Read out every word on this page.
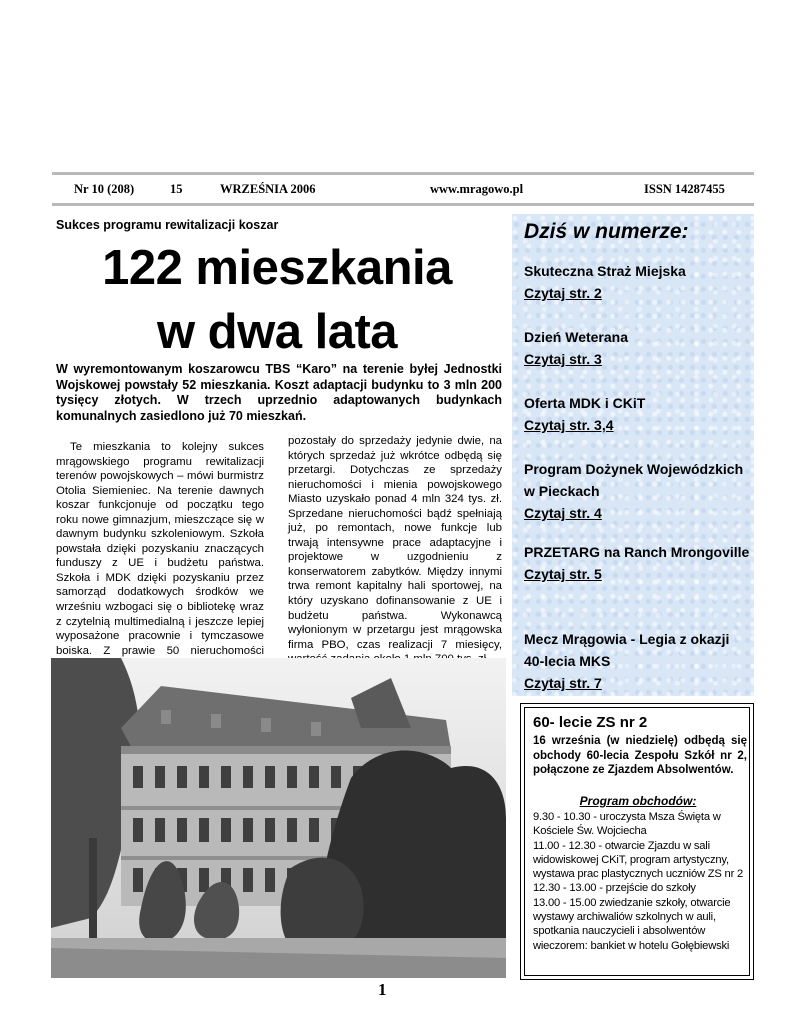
Nr 10 (208)	15	WRZEŚNIA 2006	www.mragowo.pl	ISSN 14287455
Sukces programu rewitalizacji koszar
122 mieszkania
w dwa lata
W wyremontowanym koszarowcu TBS “Karo” na terenie byłej Jednostki Wojskowej powstały 52 mieszkania. Koszt adaptacji budynku to 3 mln 200 tysięcy złotych. W trzech uprzednio adaptowanych budynkach komunalnych zasiedlono już 70 mieszkań.
Te mieszkania to kolejny sukces mrągowskiego programu rewitalizacji terenów powojskowych – mówi burmistrz Otolia Siemieniec. Na terenie dawnych koszar funkcjonuje od początku tego roku nowe gimnazjum, mieszczące się w dawnym budynku szkoleniowym. Szkoła powstała dzięki pozyskaniu znaczących funduszy z UE i budżetu państwa. Szkoła i MDK dzięki pozyskaniu przez samorząd dodatkowych środków we wrześniu wzbogaci się o bibliotekę wraz z czytelnią multimedialną i jeszcze lepiej wyposażone pracownie i tymczasowe boiska. Z prawie 50 nieruchomości
pozostały do sprzedaży jedynie dwie, na których sprzedaż już wkrótce odbędą się przetargi. Dotychczas ze sprzedaży nieruchomości i mienia powojskowego Miasto uzyskało ponad 4 mln 324 tys. zł. Sprzedane nieruchomości bądź spełniają już, po remontach, nowe funkcje lub trwają intensywne prace adaptacyjne i projektowe w uzgodnieniu z konserwatorem zabytków. Między innymi trwa remont kapitalny hali sportowej, na który uzyskano dofinansowanie z UE i budżetu państwa. Wykonawcą wyłonionym w przetargu jest mrągowska firma PBO, czas realizacji 7 miesięcy,
Dziś w numerze:
Skuteczna Straż Miejska
Czytaj str. 2
Dzień Weterana
Czytaj str. 3
Oferta MDK i CKiT
Czytaj str. 3,4
Program Dożynek Wojewódzkich w Pieckach
Czytaj str. 4
PRZETARG na Ranch Mrongoville
Czytaj str. 5
Mecz Mrągowia - Legia z okazji 40-lecia MKS
Czytaj str. 7
60- lecie ZS nr 2
16 września (w niedzielę) odbędą się obchody 60-lecia Zespołu Szkół nr 2, połączone ze Zjazdem Absolwentów.
Program obchodów:
9.30 - 10.30 - uroczysta Msza Święta w Kościele Św. Wojciecha
11.00 - 12.30 - otwarcie Zjazdu w sali widowiskowej CKiT, program artystyczny, wystawa prac plastycznych uczniów ZS nr 2
12.30 - 13.00 - przejście do szkoły
13.00 - 15.00 zwiedzanie szkoły, otwarcie wystawy archiwaliów szkolnych w auli, spotkania nauczycieli i absolwentów wieczorem: bankiet w hotelu Gołębiewski
1
